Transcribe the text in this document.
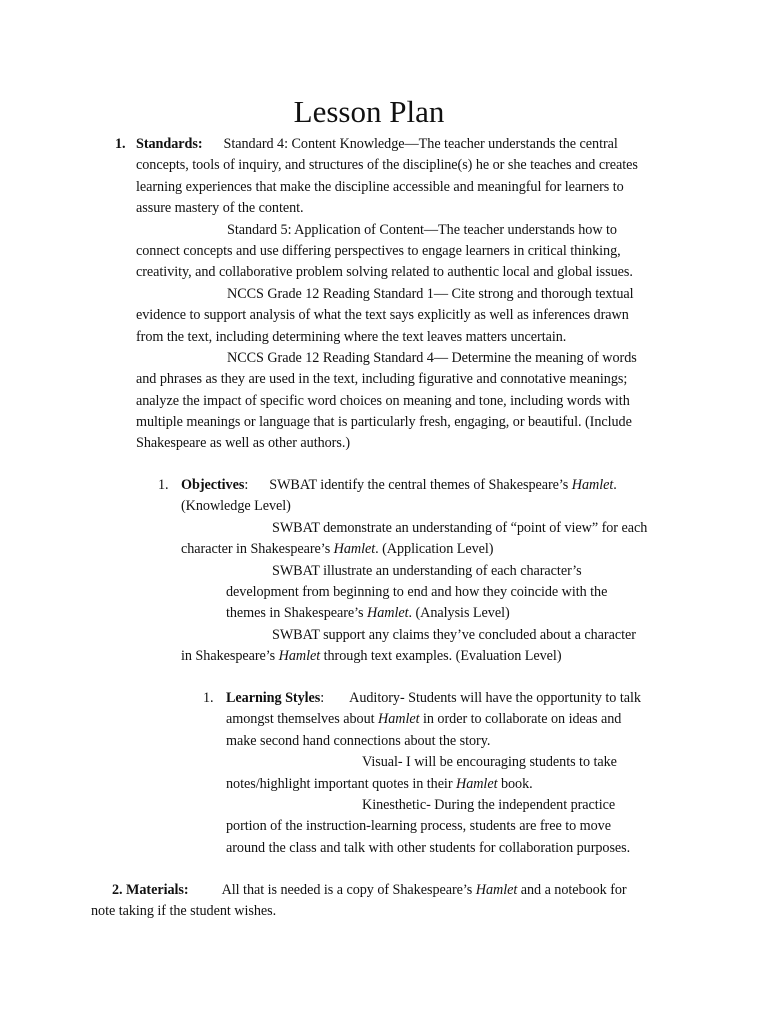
Lesson Plan
1. Standards: Standard 4: Content Knowledge—The teacher understands the central
concepts, tools of inquiry, and structures of the discipline(s) he or she teaches and creates
learning experiences that make the discipline accessible and meaningful for learners to
assure mastery of the content.
Standard 5: Application of Content—The teacher understands how to
connect concepts and use differing perspectives to engage learners in critical thinking,
creativity, and collaborative problem solving related to authentic local and global issues.
NCCS Grade 12 Reading Standard 1— Cite strong and thorough textual
evidence to support analysis of what the text says explicitly as well as inferences drawn
from the text, including determining where the text leaves matters uncertain.
NCCS Grade 12 Reading Standard 4— Determine the meaning of words
and phrases as they are used in the text, including figurative and connotative meanings;
analyze the impact of specific word choices on meaning and tone, including words with
multiple meanings or language that is particularly fresh, engaging, or beautiful. (Include
Shakespeare as well as other authors.)
1. Objectives: SWBAT identify the central themes of Shakespeare’s Hamlet.
(Knowledge Level)
SWBAT demonstrate an understanding of “point of view” for each
character in Shakespeare’s Hamlet. (Application Level)
SWBAT illustrate an understanding of each character’s
development from beginning to end and how they coincide with the
themes in Shakespeare’s Hamlet. (Analysis Level)
SWBAT support any claims they’ve concluded about a character
in Shakespeare’s Hamlet through text examples. (Evaluation Level)
1. Learning Styles: Auditory- Students will have the opportunity to talk
amongst themselves about Hamlet in order to collaborate on ideas and
make second hand connections about the story.
Visual- I will be encouraging students to take
notes/highlight important quotes in their Hamlet book.
Kinesthetic- During the independent practice
portion of the instruction-learning process, students are free to move
around the class and talk with other students for collaboration purposes.
2. Materials: All that is needed is a copy of Shakespeare’s Hamlet and a notebook for
note taking if the student wishes.
